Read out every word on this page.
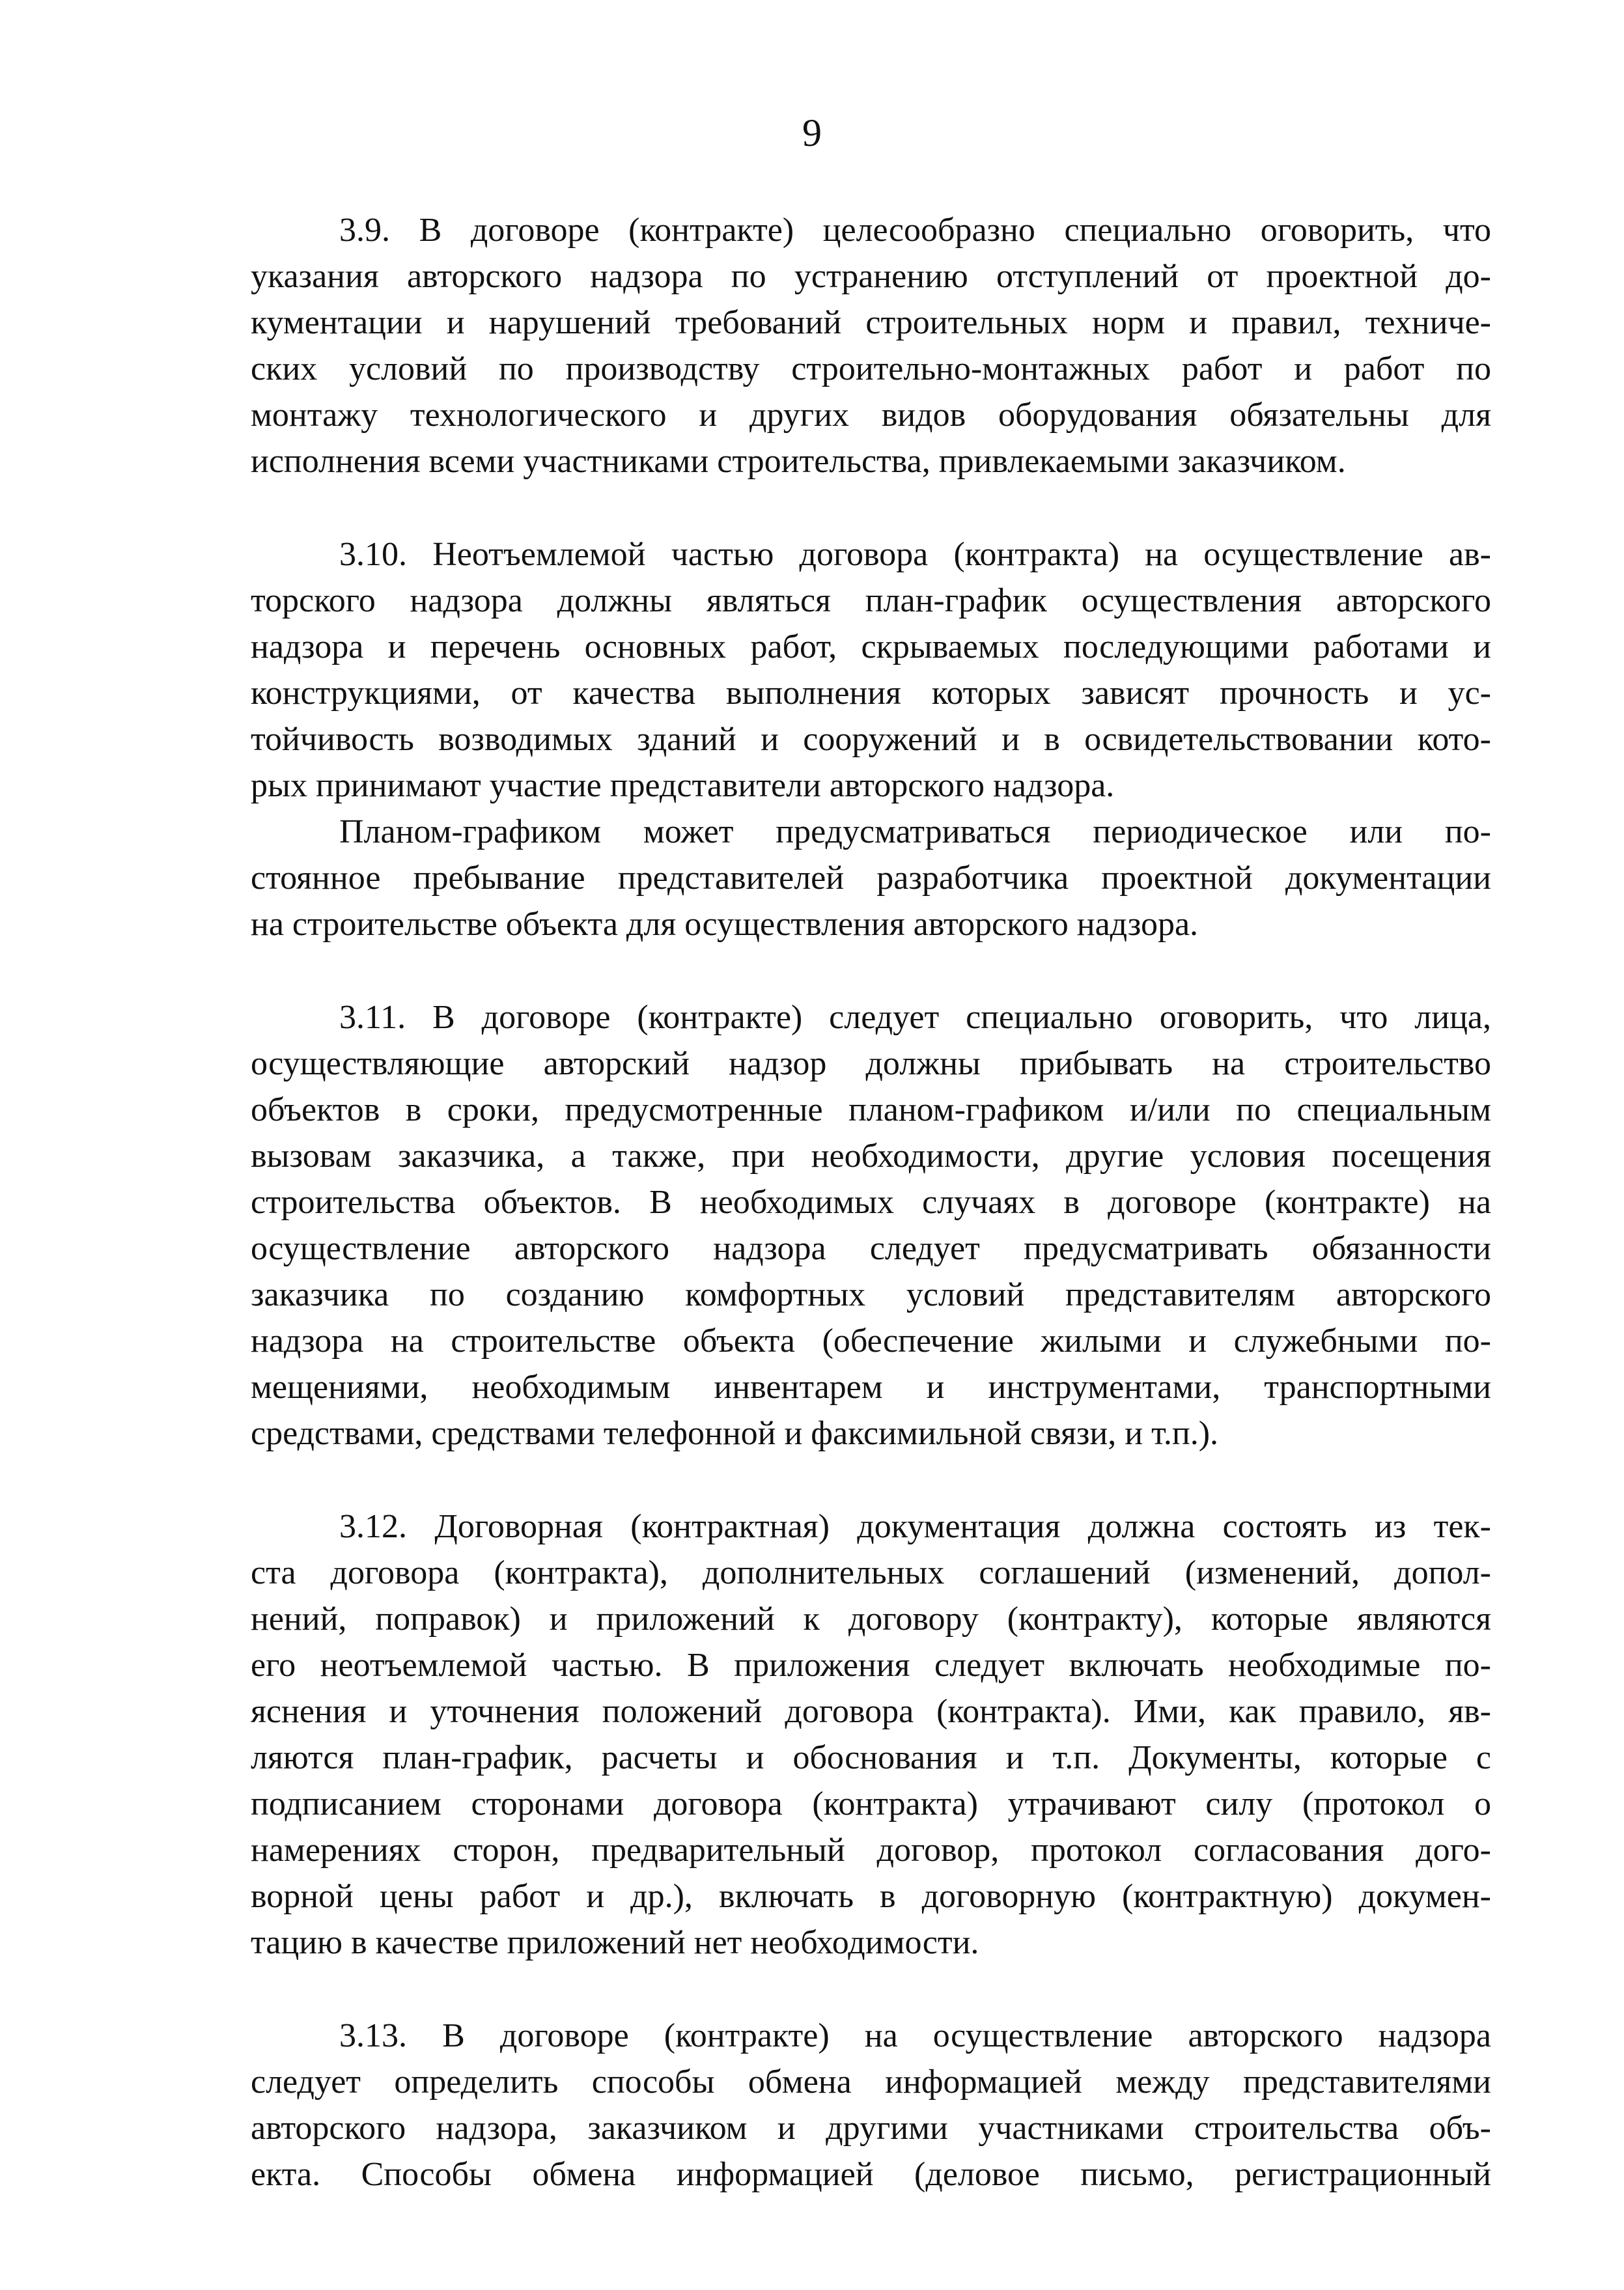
9
3.9. В договоре (контракте) целесообразно специально оговорить, что
указания авторского надзора по устранению отступлений от проектной до-
кументации и нарушений требований строительных норм и правил, техниче-
ских условий по производству строительно-монтажных работ и работ по
монтажу технологического и других видов оборудования обязательны для
исполнения всеми участниками строительства, привлекаемыми заказчиком.
3.10. Неотъемлемой частью договора (контракта) на осуществление ав-
торского надзора должны являться план-график осуществления авторского
надзора и перечень основных работ, скрываемых последующими работами и
конструкциями, от качества выполнения которых зависят прочность и ус-
тойчивость возводимых зданий и сооружений и в освидетельствовании кото-
рых принимают участие представители авторского надзора.
Планом-графиком может предусматриваться периодическое или по-
стоянное пребывание представителей разработчика проектной документации
на строительстве объекта для осуществления авторского надзора.
3.11. В договоре (контракте) следует специально оговорить, что лица,
осуществляющие авторский надзор должны прибывать на строительство
объектов в сроки, предусмотренные планом-графиком и/или по специальным
вызовам заказчика, а также, при необходимости, другие условия посещения
строительства объектов. В необходимых случаях в договоре (контракте) на
осуществление авторского надзора следует предусматривать обязанности
заказчика по созданию комфортных условий представителям авторского
надзора на строительстве объекта (обеспечение жилыми и служебными по-
мещениями, необходимым инвентарем и инструментами, транспортными
средствами, средствами телефонной и факсимильной связи, и т.п.).
3.12. Договорная (контрактная) документация должна состоять из тек-
ста договора (контракта), дополнительных соглашений (изменений, допол-
нений, поправок) и приложений к договору (контракту), которые являются
его неотъемлемой частью. В приложения следует включать необходимые по-
яснения и уточнения положений договора (контракта). Ими, как правило, яв-
ляются план-график, расчеты и обоснования и т.п. Документы, которые с
подписанием сторонами договора (контракта) утрачивают силу (протокол о
намерениях сторон, предварительный договор, протокол согласования дого-
ворной цены работ и др.), включать в договорную (контрактную) докумен-
тацию в качестве приложений нет необходимости.
3.13. В договоре (контракте) на осуществление авторского надзора
следует определить способы обмена информацией между представителями
авторского надзора, заказчиком и другими участниками строительства объ-
екта. Способы обмена информацией (деловое письмо, регистрационный
